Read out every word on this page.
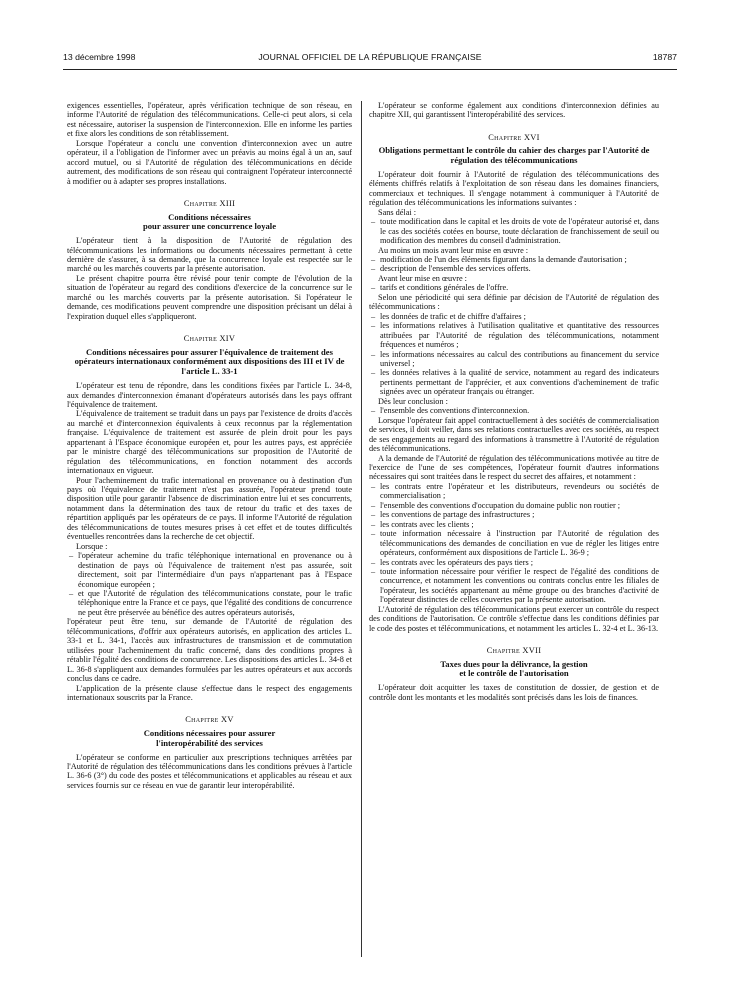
13 décembre 1998	JOURNAL OFFICIEL DE LA RÉPUBLIQUE FRANÇAISE	18787

exigences essentielles, l'opérateur, après vérification technique de son réseau, en informe l'Autorité de régulation des télécommunications. Celle-ci peut alors, si cela est nécessaire, autoriser la suspension de l'interconnexion. Elle en informe les parties et fixe alors les conditions de son rétablissement.

Lorsque l'opérateur a conclu une convention d'interconnexion avec un autre opérateur, il a l'obligation de l'informer avec un préavis au moins égal à un an, sauf accord mutuel, ou si l'Autorité de régulation des télécommunications en décide autrement, des modifications de son réseau qui contraignent l'opérateur interconnecté à modifier ou à adapter ses propres installations.

Chapitre XIII

Conditions nécessaires

pour assurer une concurrence loyale

L'opérateur tient à la disposition de l'Autorité de régulation des télécommunications les informations ou documents nécessaires permettant à cette dernière de s'assurer, à sa demande, que la concurrence loyale est respectée sur le marché ou les marchés couverts par la présente autorisation.

Le présent chapitre pourra être révisé pour tenir compte de l'évolution de la situation de l'opérateur au regard des conditions d'exercice de la concurrence sur le marché ou les marchés couverts par la présente autorisation. Si l'opérateur le demande, ces modifications peuvent comprendre une disposition précisant un délai à l'expiration duquel elles s'appliqueront.

Chapitre XIV

Conditions nécessaires pour assurer l'équivalence de traitement des opérateurs internationaux conformément aux dispositions des III et IV de l'article L. 33-1

L'opérateur est tenu de répondre, dans les conditions fixées par l'article L. 34-8, aux demandes d'interconnexion émanant d'opérateurs autorisés dans les pays offrant l'équivalence de traitement.

L'équivalence de traitement se traduit dans un pays par l'existence de droits d'accès au marché et d'interconnexion équivalents à ceux reconnus par la réglementation française. L'équivalence de traitement est assurée de plein droit pour les pays appartenant à l'Espace économique européen et, pour les autres pays, est appréciée par le ministre chargé des télécommunications sur proposition de l'Autorité de régulation des télécommunications, en fonction notamment des accords internationaux en vigueur.

Pour l'acheminement du trafic international en provenance ou à destination d'un pays où l'équivalence de traitement n'est pas assurée, l'opérateur prend toute disposition utile pour garantir l'absence de discrimination entre lui et ses concurrents, notamment dans la détermination des taux de retour du trafic et des taxes de répartition appliqués par les opérateurs de ce pays. Il informe l'Autorité de régulation des télécommunications de toutes mesures prises à cet effet et de toutes difficultés éventuelles rencontrées dans la recherche de cet objectif.

Lorsque :

– l'opérateur achemine du trafic téléphonique international en provenance ou à destination de pays où l'équivalence de traitement n'est pas assurée, soit directement, soit par l'intermédiaire d'un pays n'appartenant pas à l'Espace économique européen ;
– et que l'Autorité de régulation des télécommunications constate, pour le trafic téléphonique entre la France et ce pays, que l'égalité des conditions de concurrence ne peut être préservée au bénéfice des autres opérateurs autorisés,

l'opérateur peut être tenu, sur demande de l'Autorité de régulation des télécommunications, d'offrir aux opérateurs autorisés, en application des articles L. 33-1 et L. 34-1, l'accès aux infrastructures de transmission et de commutation utilisées pour l'acheminement du trafic concerné, dans des conditions propres à rétablir l'égalité des conditions de concurrence. Les dispositions des articles L. 34-8 et L. 36-8 s'appliquent aux demandes formulées par les autres opérateurs et aux accords conclus dans ce cadre.

L'application de la présente clause s'effectue dans le respect des engagements internationaux souscrits par la France.

Chapitre XV

Conditions nécessaires pour assurer

l'interopérabilité des services

L'opérateur se conforme en particulier aux prescriptions techniques arrêtées par l'Autorité de régulation des télécommunications dans les conditions prévues à l'article L. 36-6 (3°) du code des postes et télécommunications et applicables au réseau et aux services fournis sur ce réseau en vue de garantir leur interopérabilité.

L'opérateur se conforme également aux conditions d'interconnexion définies au chapitre XII, qui garantissent l'interopérabilité des services.

Chapitre XVI

Obligations permettant le contrôle du cahier des charges par l'Autorité de régulation des télécommunications

L'opérateur doit fournir à l'Autorité de régulation des télécommunications des éléments chiffrés relatifs à l'exploitation de son réseau dans les domaines financiers, commerciaux et techniques. Il s'engage notamment à communiquer à l'Autorité de régulation des télécommunications les informations suivantes :

Sans délai :

– toute modification dans le capital et les droits de vote de l'opérateur autorisé et, dans le cas des sociétés cotées en bourse, toute déclaration de franchissement de seuil ou modification des membres du conseil d'administration.

Au moins un mois avant leur mise en œuvre :

– modification de l'un des éléments figurant dans la demande d'autorisation ;
– description de l'ensemble des services offerts.

Avant leur mise en œuvre :

– tarifs et conditions générales de l'offre.

Selon une périodicité qui sera définie par décision de l'Autorité de régulation des télécommunications :

– les données de trafic et de chiffre d'affaires ;
– les informations relatives à l'utilisation qualitative et quantitative des ressources attribuées par l'Autorité de régulation des télécommunications, notamment fréquences et numéros ;
– les informations nécessaires au calcul des contributions au financement du service universel ;
– les données relatives à la qualité de service, notamment au regard des indicateurs pertinents permettant de l'apprécier, et aux conventions d'acheminement de trafic signées avec un opérateur français ou étranger.

Dès leur conclusion :

– l'ensemble des conventions d'interconnexion.

Lorsque l'opérateur fait appel contractuellement à des sociétés de commercialisation de services, il doit veiller, dans ses relations contractuelles avec ces sociétés, au respect de ses engagements au regard des informations à transmettre à l'Autorité de régulation des télécommunications.

A la demande de l'Autorité de régulation des télécommunications motivée au titre de l'exercice de l'une de ses compétences, l'opérateur fournit d'autres informations nécessaires qui sont traitées dans le respect du secret des affaires, et notamment :

– les contrats entre l'opérateur et les distributeurs, revendeurs ou sociétés de commercialisation ;
– l'ensemble des conventions d'occupation du domaine public non routier ;
– les conventions de partage des infrastructures ;
– les contrats avec les clients ;
– toute information nécessaire à l'instruction par l'Autorité de régulation des télécommunications des demandes de conciliation en vue de régler les litiges entre opérateurs, conformément aux dispositions de l'article L. 36-9 ;
– les contrats avec les opérateurs des pays tiers ;
– toute information nécessaire pour vérifier le respect de l'égalité des conditions de concurrence, et notamment les conventions ou contrats conclus entre les filiales de l'opérateur, les sociétés appartenant au même groupe ou des branches d'activité de l'opérateur distinctes de celles couvertes par la présente autorisation.

L'Autorité de régulation des télécommunications peut exercer un contrôle du respect des conditions de l'autorisation. Ce contrôle s'effectue dans les conditions définies par le code des postes et télécommunications, et notamment les articles L. 32-4 et L. 36-13.

Chapitre XVII

Taxes dues pour la délivrance, la gestion

et le contrôle de l'autorisation

L'opérateur doit acquitter les taxes de constitution de dossier, de gestion et de contrôle dont les montants et les modalités sont précisés dans les lois de finances.
